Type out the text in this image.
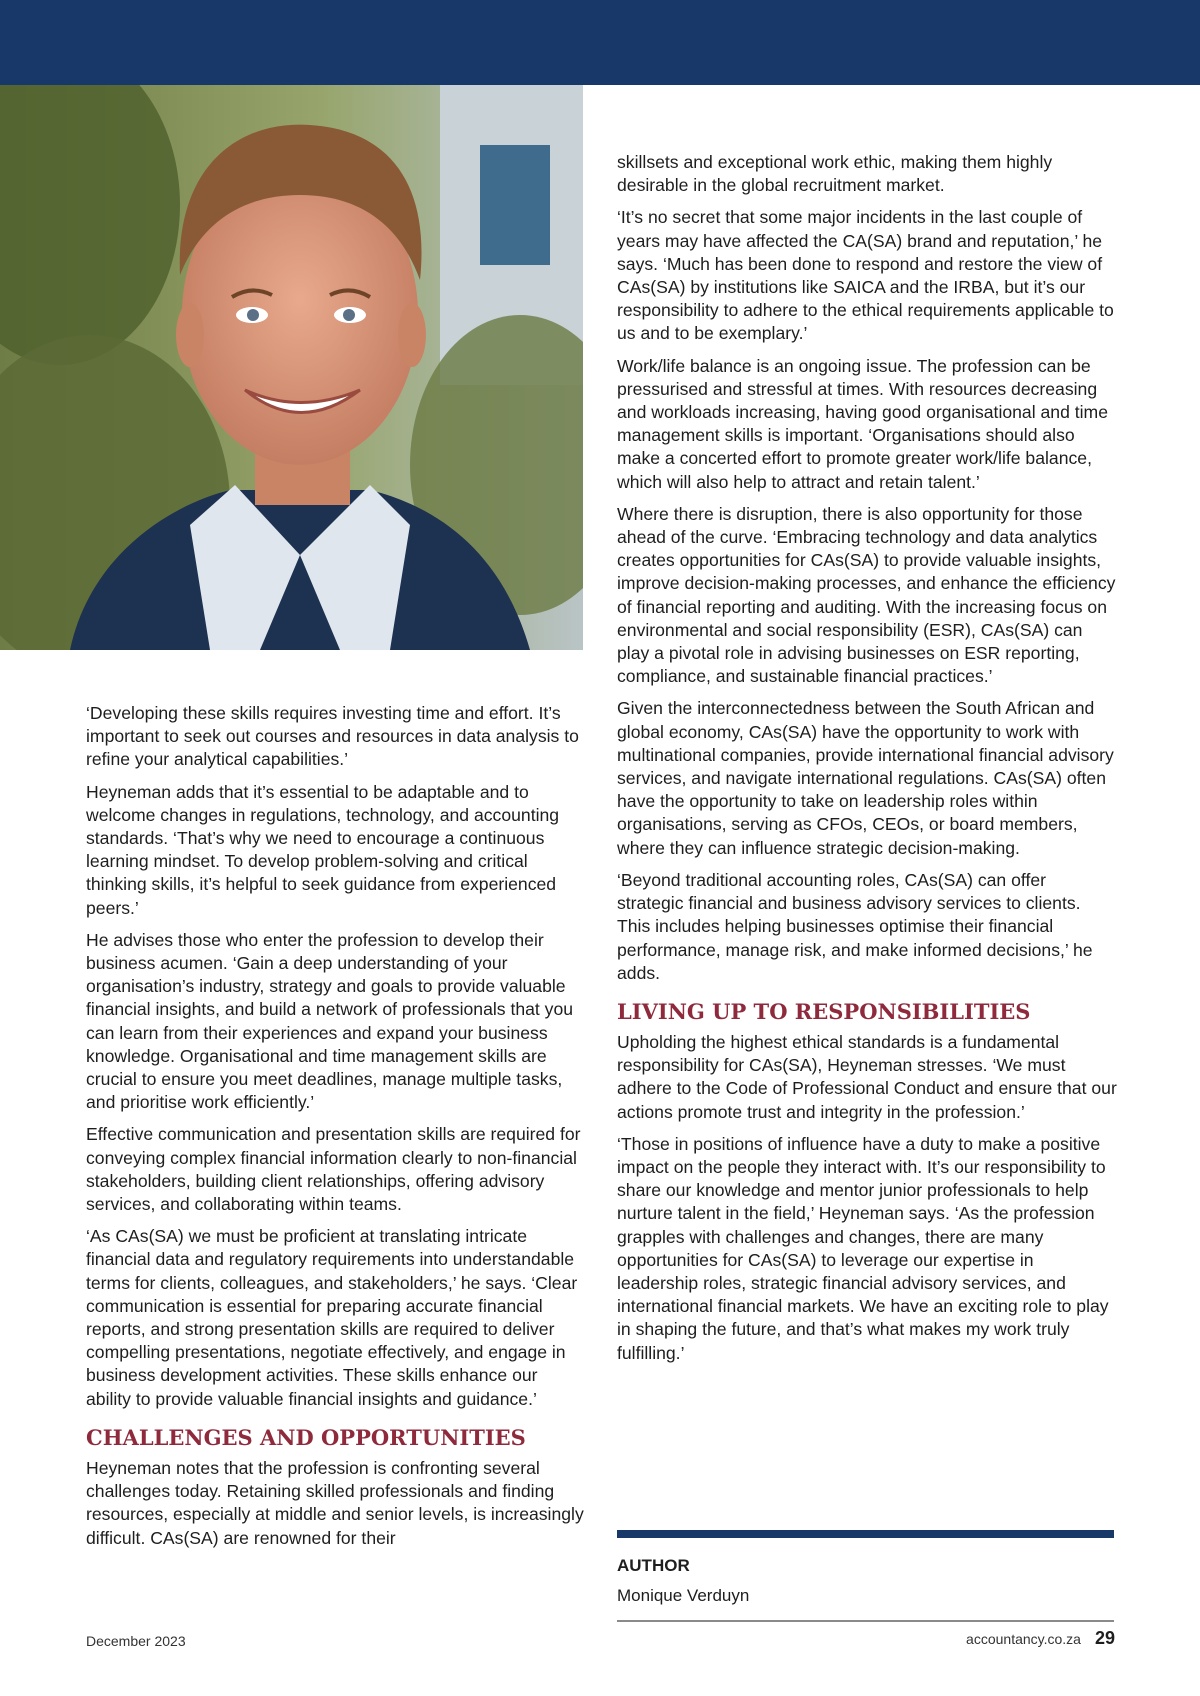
‘Developing these skills requires investing time and effort. It’s important to seek out courses and resources in data analysis to refine your analytical capabilities.’

Heyneman adds that it’s essential to be adaptable and to welcome changes in regulations, technology, and accounting standards. ‘That’s why we need to encourage a continuous learning mindset. To develop problem-solving and critical thinking skills, it’s helpful to seek guidance from experienced peers.’

He advises those who enter the profession to develop their business acumen. ‘Gain a deep understanding of your organisation’s industry, strategy and goals to provide valuable financial insights, and build a network of professionals that you can learn from their experiences and expand your business knowledge. Organisational and time management skills are crucial to ensure you meet deadlines, manage multiple tasks, and prioritise work efficiently.’

Effective communication and presentation skills are required for conveying complex financial information clearly to non-financial stakeholders, building client relationships, offering advisory services, and collaborating within teams.

‘As CAs(SA) we must be proficient at translating intricate financial data and regulatory requirements into understandable terms for clients, colleagues, and stakeholders,’ he says. ‘Clear communication is essential for preparing accurate financial reports, and strong presentation skills are required to deliver compelling presentations, negotiate effectively, and engage in business development activities. These skills enhance our ability to provide valuable financial insights and guidance.’

CHALLENGES AND OPPORTUNITIES

Heyneman notes that the profession is confronting several challenges today. Retaining skilled professionals and finding resources, especially at middle and senior levels, is increasingly difficult. CAs(SA) are renowned for their

skillsets and exceptional work ethic, making them highly desirable in the global recruitment market.

‘It’s no secret that some major incidents in the last couple of years may have affected the CA(SA) brand and reputation,’ he says. ‘Much has been done to respond and restore the view of CAs(SA) by institutions like SAICA and the IRBA, but it’s our responsibility to adhere to the ethical requirements applicable to us and to be exemplary.’

Work/life balance is an ongoing issue. The profession can be pressurised and stressful at times. With resources decreasing and workloads increasing, having good organisational and time management skills is important. ‘Organisations should also make a concerted effort to promote greater work/life balance, which will also help to attract and retain talent.’

Where there is disruption, there is also opportunity for those ahead of the curve. ‘Embracing technology and data analytics creates opportunities for CAs(SA) to provide valuable insights, improve decision-making processes, and enhance the efficiency of financial reporting and auditing. With the increasing focus on environmental and social responsibility (ESR), CAs(SA) can play a pivotal role in advising businesses on ESR reporting, compliance, and sustainable financial practices.’

Given the interconnectedness between the South African and global economy, CAs(SA) have the opportunity to work with multinational companies, provide international financial advisory services, and navigate international regulations. CAs(SA) often have the opportunity to take on leadership roles within organisations, serving as CFOs, CEOs, or board members, where they can influence strategic decision-making.

‘Beyond traditional accounting roles, CAs(SA) can offer strategic financial and business advisory services to clients. This includes helping businesses optimise their financial performance, manage risk, and make informed decisions,’ he adds.

LIVING UP TO RESPONSIBILITIES

Upholding the highest ethical standards is a fundamental responsibility for CAs(SA), Heyneman stresses. ‘We must adhere to the Code of Professional Conduct and ensure that our actions promote trust and integrity in the profession.’

‘Those in positions of influence have a duty to make a positive impact on the people they interact with. It’s our responsibility to share our knowledge and mentor junior professionals to help nurture talent in the field,’ Heyneman says. ‘As the profession grapples with challenges and changes, there are many opportunities for CAs(SA) to leverage our expertise in leadership roles, strategic financial advisory services, and international financial markets. We have an exciting role to play in shaping the future, and that’s what makes my work truly fulfilling.’

AUTHOR
Monique Verduyn
December 2023	accountancy.co.za 29
